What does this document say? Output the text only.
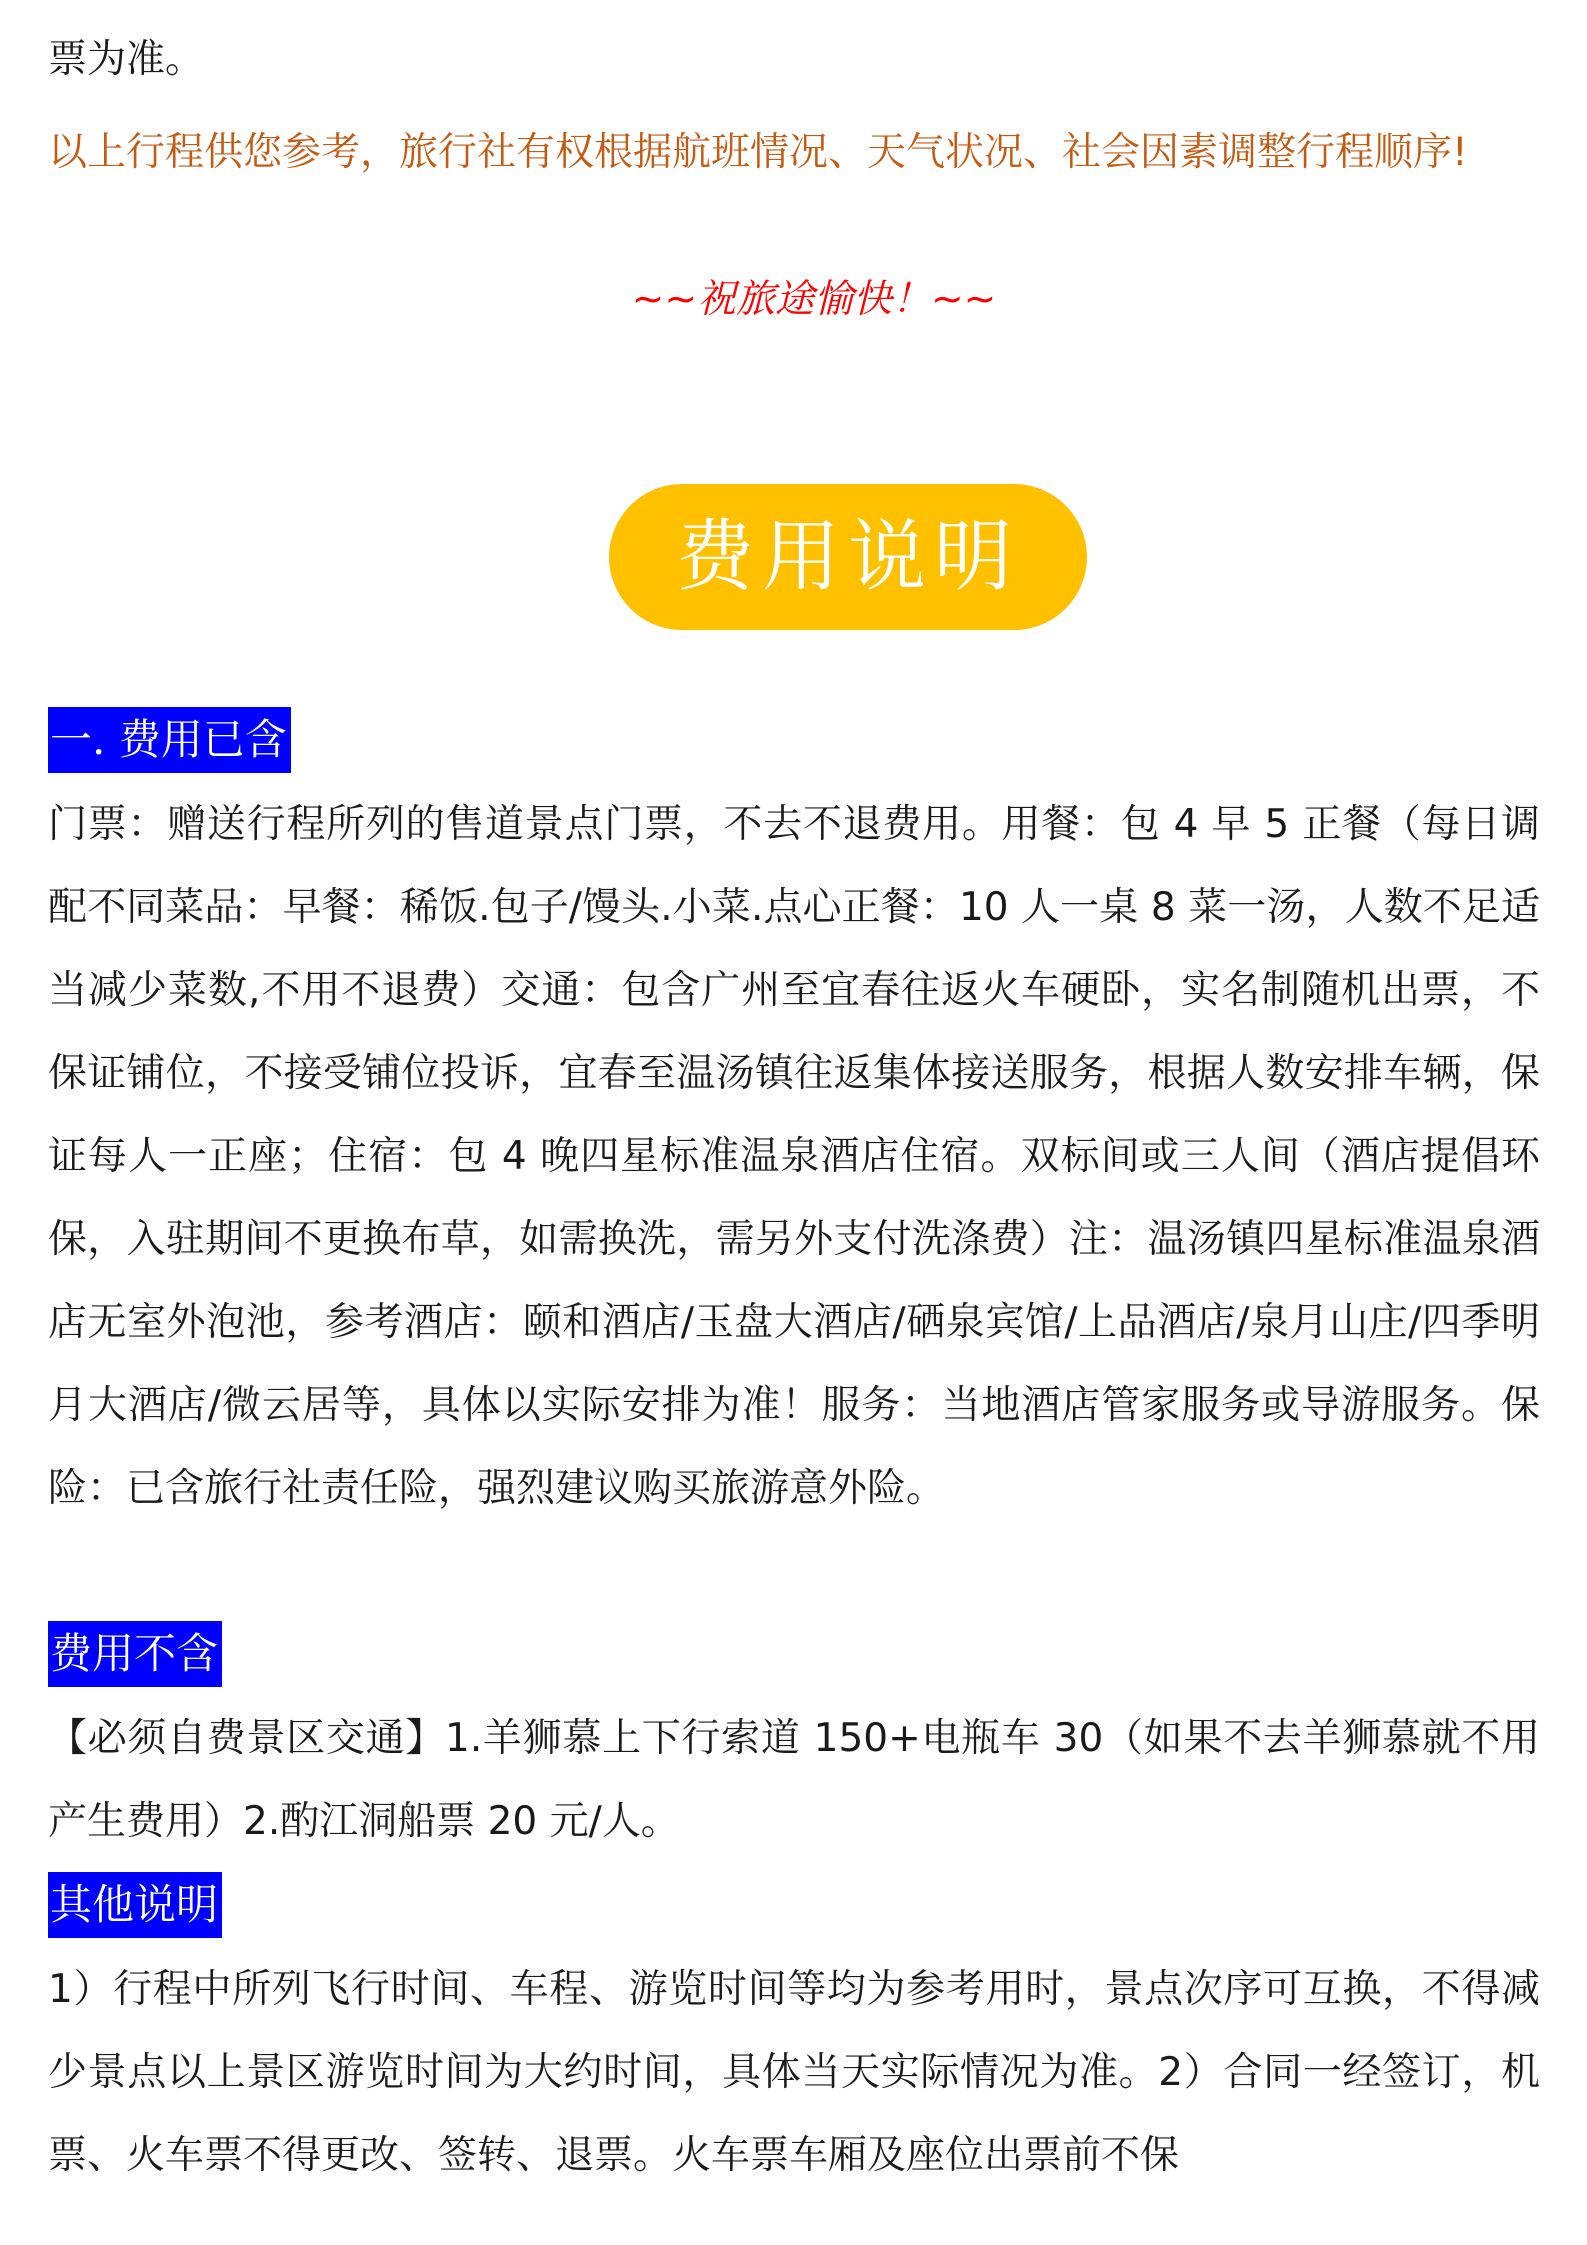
票为准。

以上行程供您参考，旅行社有权根据航班情况、天气状况、社会因素调整行程顺序!

~~祝旅途愉快！~~
费用说明
一. 费用已含

门票：赠送行程所列的售道景点门票，不去不退费用。用餐：包 4 早 5 正餐（每日调配不同菜品：早餐：稀饭.包子/馒头.小菜.点心正餐：10 人一桌 8 菜一汤，人数不足适当减少菜数,不用不退费）交通：包含广州至宜春往返火车硬卧，实名制随机出票，不保证铺位，不接受铺位投诉，宜春至温汤镇往返集体接送服务，根据人数安排车辆，保证每人一正座；住宿：包 4 晚四星标准温泉酒店住宿。双标间或三人间（酒店提倡环保，入驻期间不更换布草，如需换洗，需另外支付洗涤费）注：温汤镇四星标准温泉酒店无室外泡池，参考酒店：颐和酒店/玉盘大酒店/硒泉宾馆/上品酒店/泉月山庄/四季明月大酒店/微云居等，具体以实际安排为准！服务：当地酒店管家服务或导游服务。保险：已含旅行社责任险，强烈建议购买旅游意外险。

费用不含

【必须自费景区交通】1.羊狮慕上下行索道 150+电瓶车 30（如果不去羊狮慕就不用产生费用）2.酌江洞船票 20 元/人。

其他说明

1）行程中所列飞行时间、车程、游览时间等均为参考用时，景点次序可互换，不得减少景点以上景区游览时间为大约时间，具体当天实际情况为准。2）合同一经签订，机票、火车票不得更改、签转、退票。火车票车厢及座位出票前不保
